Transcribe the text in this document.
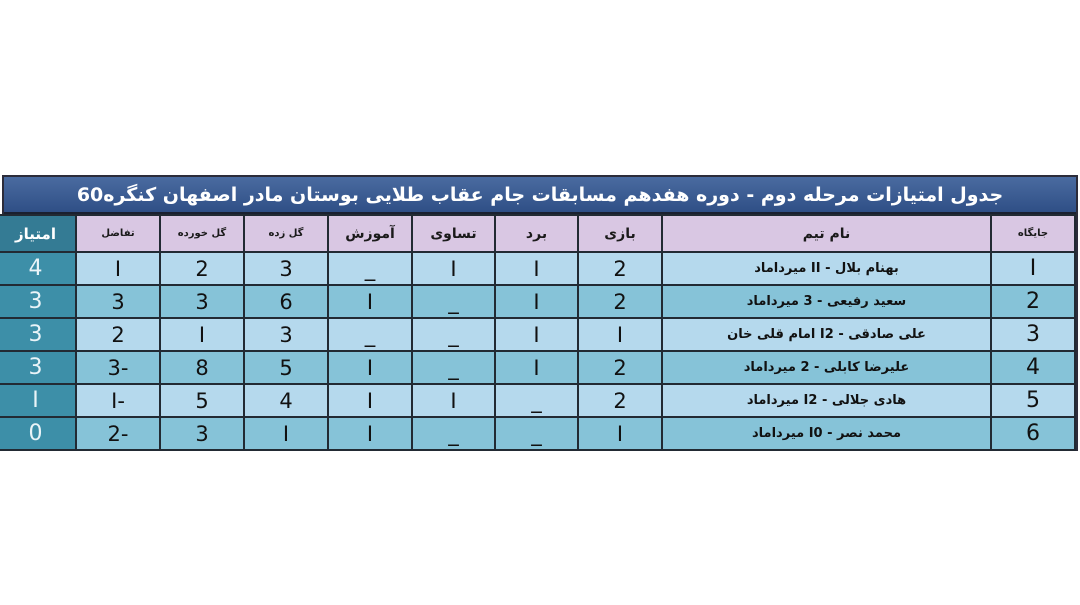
جدول امتیازات مرحله دوم - دوره هفدهم مسابقات جام عقاب طلایی بوستان مادر اصفهان کنگره60
جایگاه	نام تیم	بازی	برد	تساوی	آموزش	گل زده	گل خورده	تفاضل	امتیاز
I	بهنام بلال - II میرداماد	2	I	I	_	3	2	I	4
2	سعید رفیعی - 3 میرداماد	2	I	_	I	6	3	3	3
3	علی صادقی - I2 امام قلی خان	I	I	_	_	3	I	2	3
4	علیرضا کابلی - 2 میرداماد	2	I	_	I	5	8	-3	3
5	هادی جلالی - I2 میرداماد	2	_	I	I	4	5	-I	I
6	محمد نصر - I0 میرداماد	I	_	_	I	I	3	-2	0
